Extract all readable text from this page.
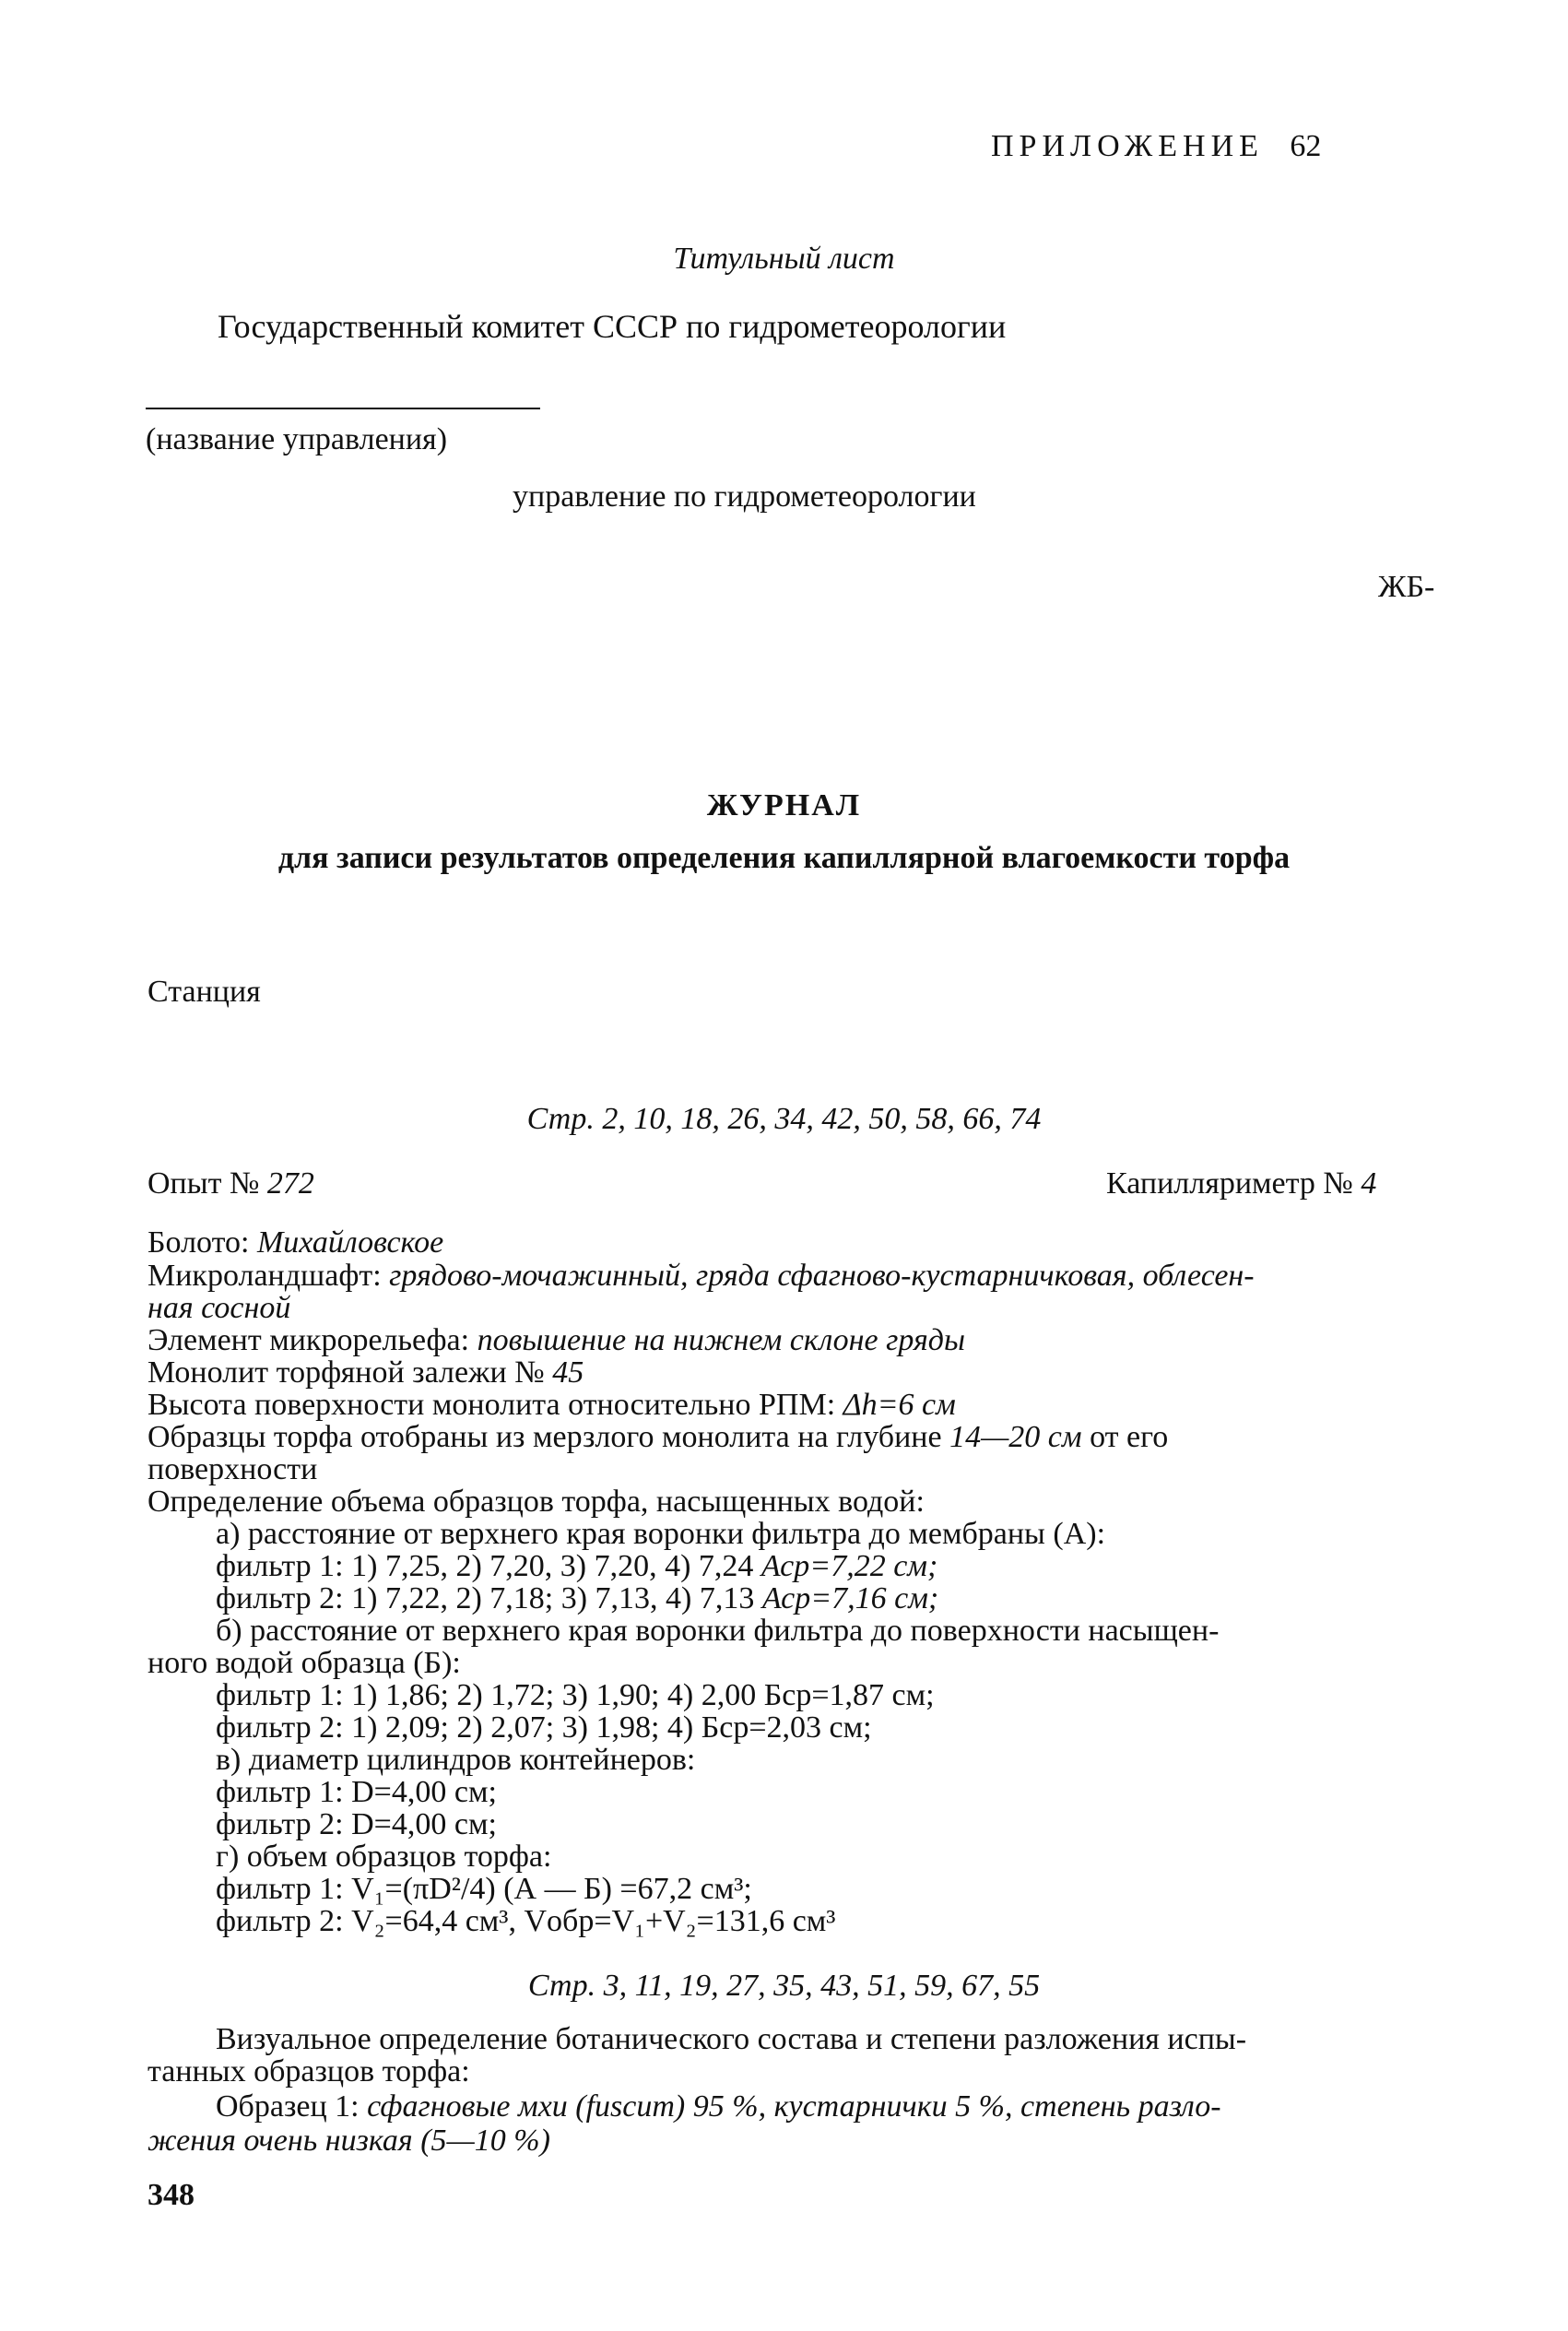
ПРИЛОЖЕНИЕ 62
Титульный лист
Государственный комитет СССР по гидрометеорологии
(название управления)
управление по гидрометеорологии
ЖБ-
ЖУРНАЛ
для записи результатов определения капиллярной влагоемкости торфа
Станция
Стр. 2, 10, 18, 26, 34, 42, 50, 58, 66, 74
Опыт № 272	Капилляриметр № 4
Болото: Михайловское
Микроландшафт: грядово-мочажинный, гряда сфагново-кустарничковая, облесен-
ная сосной
Элемент микрорельефа: повышение на нижнем склоне гряды
Монолит торфяной залежи № 45
Высота поверхности монолита относительно РПМ: Δh=6 см
Образцы торфа отобраны из мерзлого монолита на глубине 14—20 см от его
поверхности
Определение объема образцов торфа, насыщенных водой:
а) расстояние от верхнего края воронки фильтра до мембраны (А):
фильтр 1: 1) 7,25, 2) 7,20, 3) 7,20, 4) 7,24 Аср=7,22 см;
фильтр 2: 1) 7,22, 2) 7,18; 3) 7,13, 4) 7,13 Аср=7,16 см;
б) расстояние от верхнего края воронки фильтра до поверхности насыщен-
ного водой образца (Б):
фильтр 1: 1) 1,86; 2) 1,72; 3) 1,90; 4) 2,00 Бср=1,87 см;
фильтр 2: 1) 2,09; 2) 2,07; 3) 1,98; 4) Бср=2,03 см;
в) диаметр цилиндров контейнеров:
фильтр 1: D=4,00 см;
фильтр 2: D=4,00 см;
г) объем образцов торфа:
фильтр 1: V₁=(πD²/4) (А — Б) =67,2 см³;
фильтр 2: V₂=64,4 см³, Vобр=V₁+V₂=131,6 см³
Стр. 3, 11, 19, 27, 35, 43, 51, 59, 67, 55
Визуальное определение ботанического состава и степени разложения испы-
танных образцов торфа:
Образец 1: сфагновые мхи (fuscum) 95 %, кустарнички 5 %, степень разло-
жения очень низкая (5—10 %)
348
